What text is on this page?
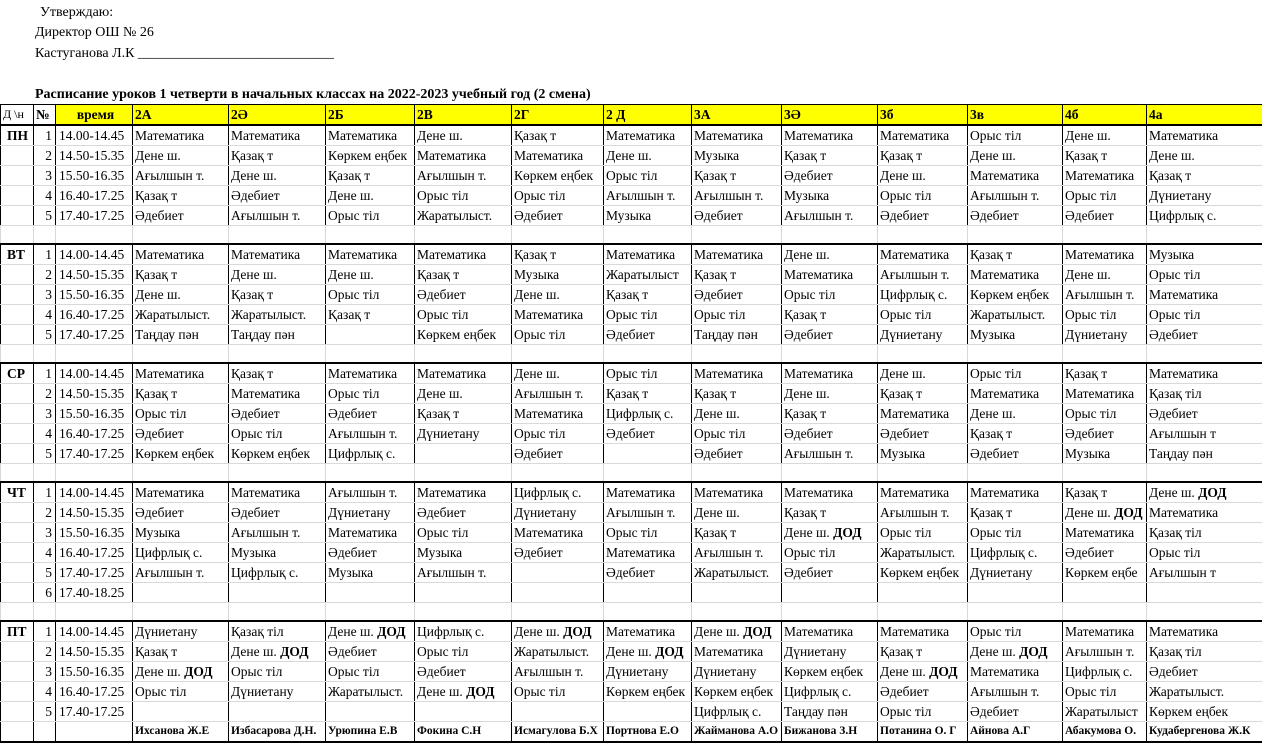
Утверждаю:
Директор ОШ № 26
Кастуганова Л.К ____________________________
Расписание уроков 1 четверти в начальных классах на 2022-2023 учебный год (2 смена)
Д \н	№	время	2А	2Ә	2Б	2В	2Г	2 Д	3А	3Ә	3б	3в	4б	4а
ПН	1	14.00-14.45	Математика	Математика	Математика	Дене ш.	Қазақ т	Математика	Математика	Математика	Математика	Орыс тіл	Дене ш.	Математика
	2	14.50-15.35	Дене ш.	Қазақ т	Көркем еңбек	Математика	Математика	Дене ш.	Музыка	Қазақ т	Қазақ т	Дене ш.	Қазақ т	Дене ш.
	3	15.50-16.35	Ағылшын т.	Дене ш.	Қазақ т	Ағылшын т.	Көркем еңбек	Орыс тіл	Қазақ т	Әдебиет	Дене ш.	Математика	Математика	Қазақ т
	4	16.40-17.25	Қазақ т	Әдебиет	Дене ш.	Орыс тіл	Орыс тіл	Ағылшын т.	Ағылшын т.	Музыка	Орыс тіл	Ағылшын т.	Орыс тіл	Дүниетану
	5	17.40-17.25	Әдебиет	Ағылшын т.	Орыс тіл	Жаратылыст.	Әдебиет	Музыка	Әдебиет	Ағылшын т.	Әдебиет	Әдебиет	Әдебиет	Цифрлық с.

ВТ	1	14.00-14.45	Математика	Математика	Математика	Математика	Қазақ т	Математика	Математика	Дене ш.	Математика	Қазақ т	Математика	Музыка
	2	14.50-15.35	Қазақ т	Дене ш.	Дене ш.	Қазақ т	Музыка	Жаратылыст	Қазақ т	Математика	Ағылшын т.	Математика	Дене ш.	Орыс тіл
	3	15.50-16.35	Дене ш.	Қазақ т	Орыс тіл	Әдебиет	Дене ш.	Қазақ т	Әдебиет	Орыс тіл	Цифрлық с.	Көркем еңбек	Ағылшын т.	Математика
	4	16.40-17.25	Жаратылыст.	Жаратылыст.	Қазақ т	Орыс тіл	Математика	Орыс тіл	Орыс тіл	Қазақ т	Орыс тіл	Жаратылыст.	Орыс тіл	Орыс тіл
	5	17.40-17.25	Таңдау пән	Таңдау пән		Көркем еңбек	Орыс тіл	Әдебиет	Таңдау пән	Әдебиет	Дүниетану	Музыка	Дүниетану	Әдебиет

СР	1	14.00-14.45	Математика	Қазақ т	Математика	Математика	Дене ш.	Орыс тіл	Математика	Математика	Дене ш.	Орыс тіл	Қазақ т	Математика
	2	14.50-15.35	Қазақ т	Математика	Орыс тіл	Дене ш.	Ағылшын т.	Қазақ т	Қазақ т	Дене ш.	Қазақ т	Математика	Математика	Қазақ тіл
	3	15.50-16.35	Орыс тіл	Әдебиет	Әдебиет	Қазақ т	Математика	Цифрлық с.	Дене ш.	Қазақ т	Математика	Дене ш.	Орыс тіл	Әдебиет
	4	16.40-17.25	Әдебиет	Орыс тіл	Ағылшын т.	Дүниетану	Орыс тіл	Әдебиет	Орыс тіл	Әдебиет	Әдебиет	Қазақ т	Әдебиет	Ағылшын т
	5	17.40-17.25	Көркем еңбек	Көркем еңбек	Цифрлық с.		Әдебиет		Әдебиет	Ағылшын т.	Музыка	Әдебиет	Музыка	Таңдау пән

ЧТ	1	14.00-14.45	Математика	Математика	Ағылшын т.	Математика	Цифрлық с.	Математика	Математика	Математика	Математика	Математика	Қазақ т	Дене ш. ДОД
	2	14.50-15.35	Әдебиет	Әдебиет	Дүниетану	Әдебиет	Дүниетану	Ағылшын т.	Дене ш.	Қазақ т	Ағылшын т.	Қазақ т	Дене ш. ДОД	Математика
	3	15.50-16.35	Музыка	Ағылшын т.	Математика	Орыс тіл	Математика	Орыс тіл	Қазақ т	Дене ш. ДОД	Орыс тіл	Орыс тіл	Математика	Қазақ тіл
	4	16.40-17.25	Цифрлық с.	Музыка	Әдебиет	Музыка	Әдебиет	Математика	Ағылшын т.	Орыс тіл	Жаратылыст.	Цифрлық с.	Әдебиет	Орыс тіл
	5	17.40-17.25	Ағылшын т.	Цифрлық с.	Музыка	Ағылшын т.		Әдебиет	Жаратылыст.	Әдебиет	Көркем еңбек	Дүниетану	Көркем еңбе	Ағылшын т
	6	17.40-18.25												

ПТ	1	14.00-14.45	Дүниетану	Қазақ тіл	Дене ш. ДОД	Цифрлық с.	Дене ш. ДОД	Математика	Дене ш. ДОД	Математика	Математика	Орыс тіл	Математика	Математика
	2	14.50-15.35	Қазақ т	Дене ш. ДОД	Әдебиет	Орыс тіл	Жаратылыст.	Дене ш. ДОД	Математика	Дүниетану	Қазақ т	Дене ш. ДОД	Ағылшын т.	Қазақ тіл
	3	15.50-16.35	Дене ш. ДОД	Орыс тіл	Орыс тіл	Әдебиет	Ағылшын т.	Дүниетану	Дүниетану	Көркем еңбек	Дене ш. ДОД	Математика	Цифрлық с.	Әдебиет
	4	16.40-17.25	Орыс тіл	Дүниетану	Жаратылыст.	Дене ш. ДОД	Орыс тіл	Көркем еңбек	Көркем еңбек	Цифрлық с.	Әдебиет	Ағылшын т.	Орыс тіл	Жаратылыст.
	5	17.40-17.25							Цифрлық с.	Таңдау пән	Орыс тіл	Әдебиет	Жаратылыст	Көркем еңбек
			Ихсанова Ж.Е	Избасарова Д.Н.	Урюпина Е.В	Фокина С.Н	Исмагулова Б.Х	Портнова Е.О	Жайманова А.О	Бижанова З.Н	Потанина О. Г	Айнова А.Г	Абакумова О.	Кудабергенова Ж.К
